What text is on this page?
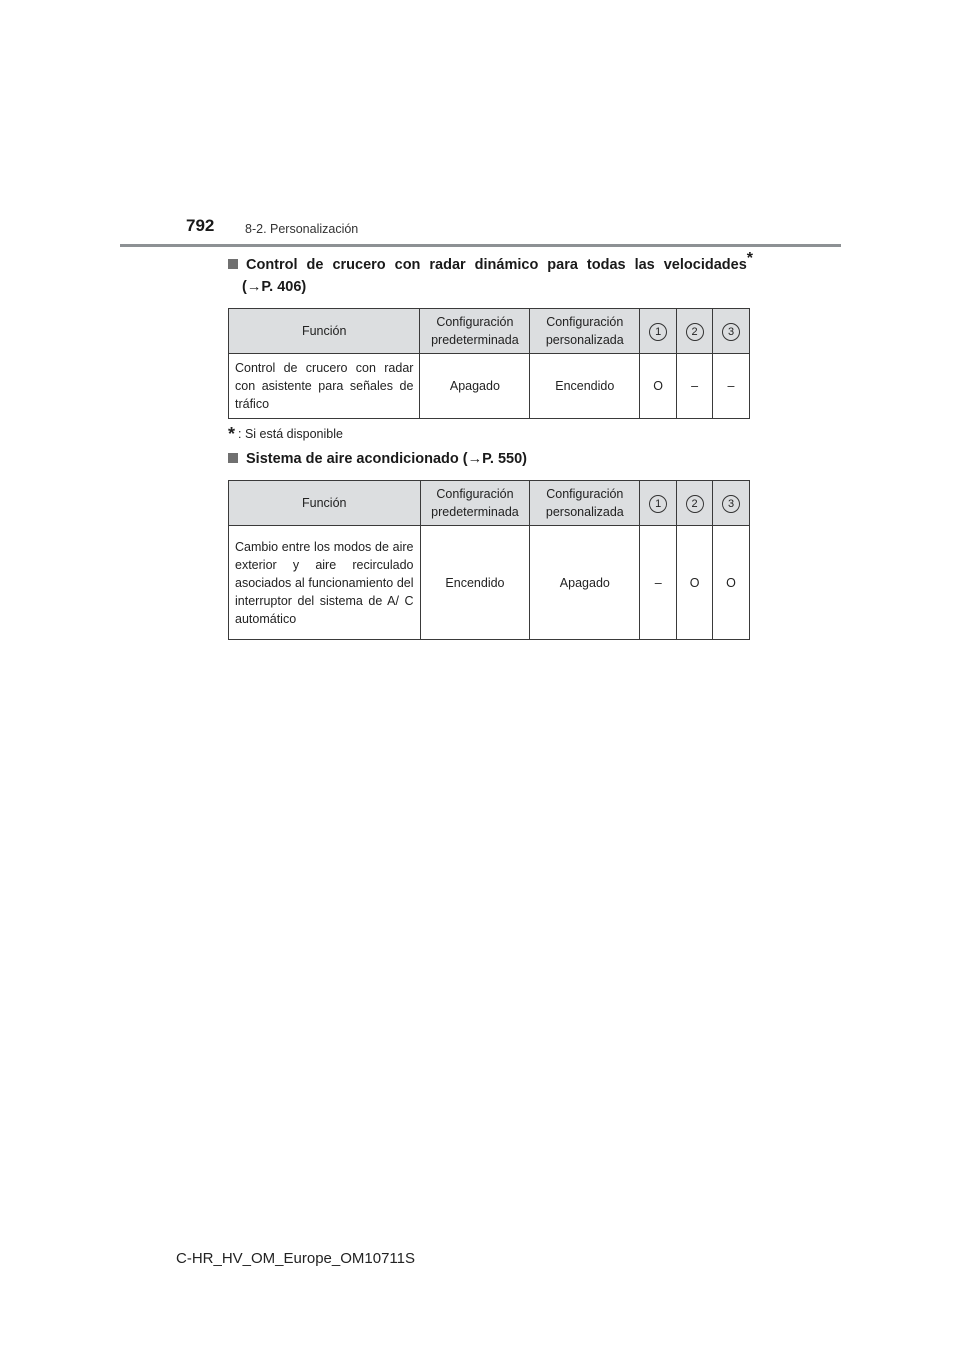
792 8-2. Personalización
Control de crucero con radar dinámico para todas las velocidades*
(→P. 406)
Función	Configuración predeterminada	Configuración personalizada	1	2	3
Control de crucero con radar con asistente para señales de tráfico	Apagado	Encendido	O	–	–
* : Si está disponible
Sistema de aire acondicionado (→P. 550)
Función	Configuración predeterminada	Configuración personalizada	1	2	3
Cambio entre los modos de aire exterior y aire recirculado asociados al funcionamiento del interruptor del sistema de A/ C automático	Encendido	Apagado	–	O	O
C-HR_HV_OM_Europe_OM10711S
